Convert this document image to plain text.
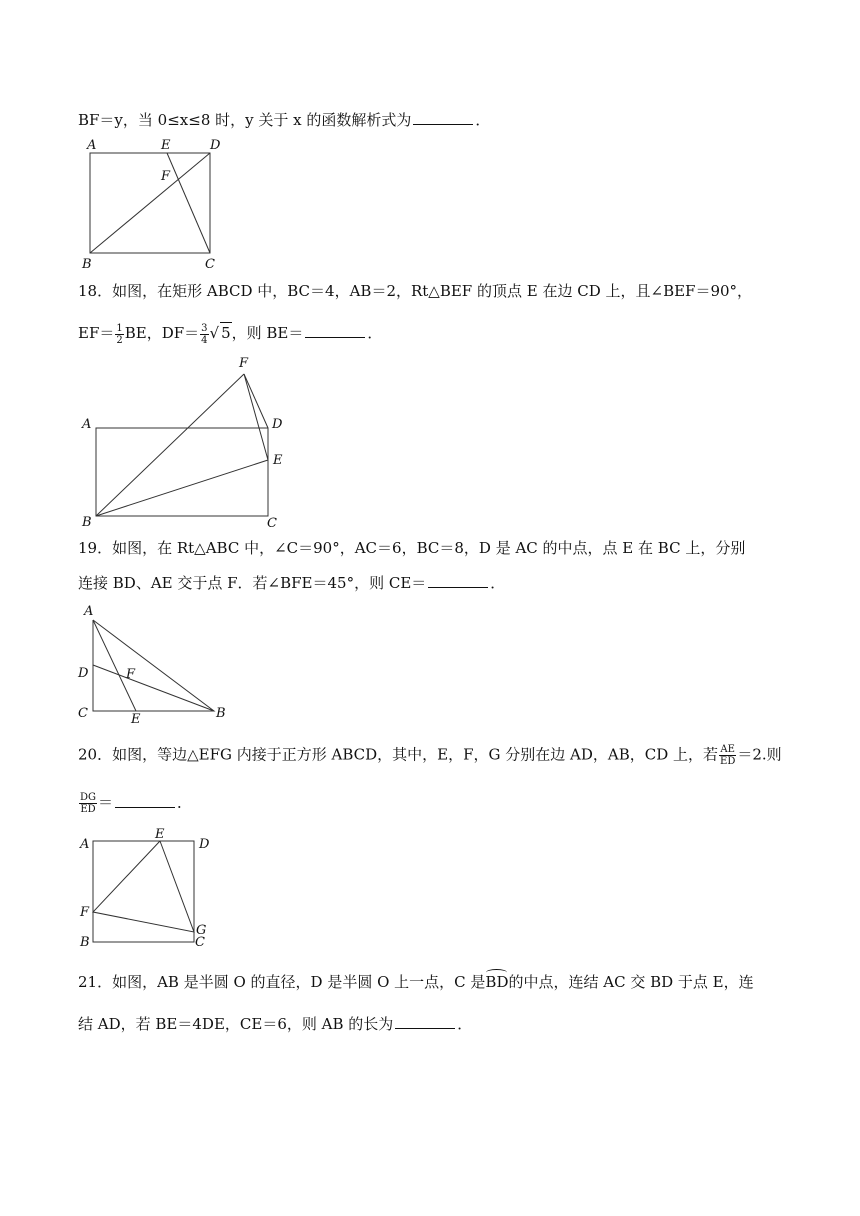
BF＝y，当 0≤x≤8 时，y 关于 x 的函数解析式为	．
A	E	D
F
B	C
18．如图，在矩形 ABCD 中，BC＝4，AB＝2，Rt△BEF 的顶点 E 在边 CD 上，且∠BEF＝90°，
$EF= \frac{1}{2}$ BE，$DF= \frac{3}{4}$ √ 5，则 BE＝	．
F
A	D
E
B	C
19．如图，在 Rt△ABC 中，∠C＝90°，AC＝6，BC＝8，D 是 AC 的中点，点 E 在 BC 上，分别
连接 BD、AE 交于点 F．若∠BFE＝45°，则 CE＝	．
A
D	F
C	E	B
20．如图，等边△EFG 内接于正方形 ABCD，其中，E，F，G 分别在边 AD，AB，CD 上，若 $\frac{AE}{ED} =2$.则
$\frac{DG}{ED}$ ＝	．
A
E
D
F
G
B	C
21．如图，AB 是半圆 O 的直径，D 是半圆 O 上一点，C 是BD的中点，连结 AC 交 BD 于点 E，连
结 AD，若 BE＝4DE，CE＝6，则 AB 的长为	．
